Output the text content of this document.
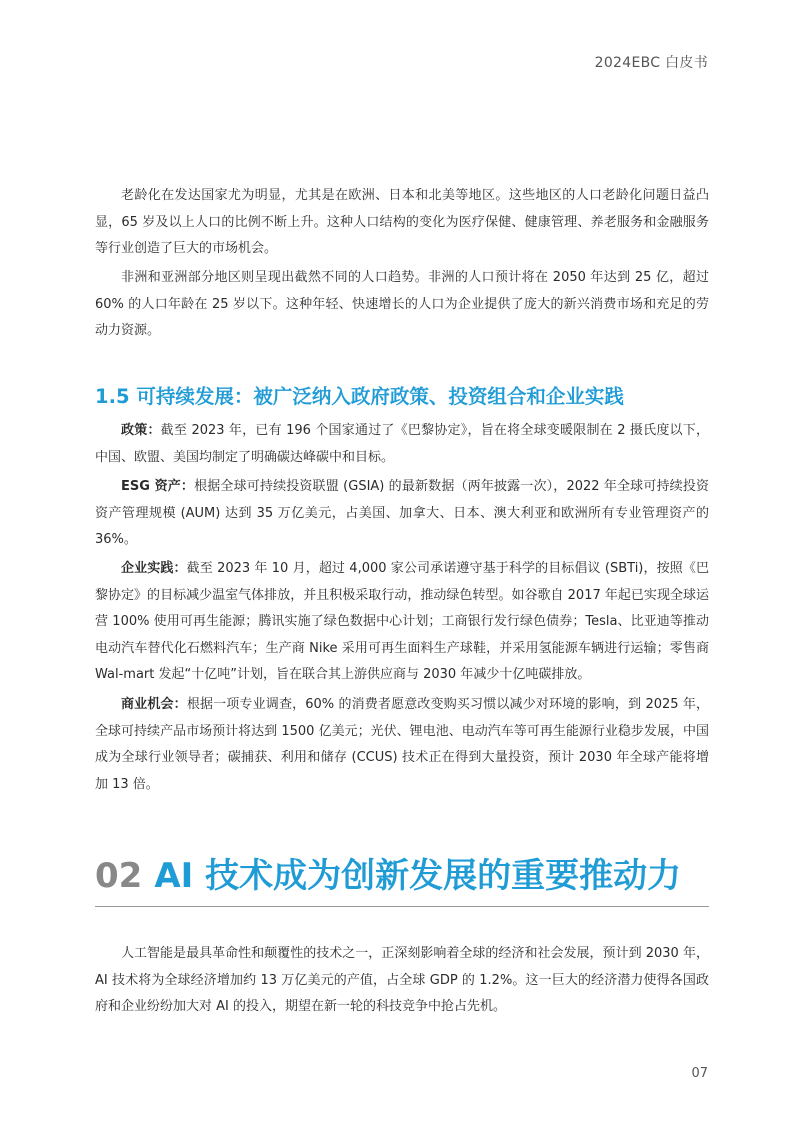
2024EBC 白皮书

老龄化在发达国家尤为明显，尤其是在欧洲、日本和北美等地区。这些地区的人口老龄化问题日益凸显，65 岁及以上人口的比例不断上升。这种人口结构的变化为医疗保健、健康管理、养老服务和金融服务等行业创造了巨大的市场机会。

非洲和亚洲部分地区则呈现出截然不同的人口趋势。非洲的人口预计将在 2050 年达到 25 亿，超过 60% 的人口年龄在 25 岁以下。这种年轻、快速增长的人口为企业提供了庞大的新兴消费市场和充足的劳动力资源。

1.5 可持续发展：被广泛纳入政府政策、投资组合和企业实践

政策：截至 2023 年，已有 196 个国家通过了《巴黎协定》，旨在将全球变暖限制在 2 摄氏度以下，中国、欧盟、美国均制定了明确碳达峰碳中和目标。

ESG 资产：根据全球可持续投资联盟 (GSIA) 的最新数据（两年披露一次），2022 年全球可持续投资资产管理规模 (AUM) 达到 35 万亿美元，占美国、加拿大、日本、澳大利亚和欧洲所有专业管理资产的 36%。

企业实践：截至 2023 年 10 月，超过 4,000 家公司承诺遵守基于科学的目标倡议 (SBTi)，按照《巴黎协定》的目标减少温室气体排放，并且积极采取行动，推动绿色转型。如谷歌自 2017 年起已实现全球运营 100% 使用可再生能源；腾讯实施了绿色数据中心计划；工商银行发行绿色债券；Tesla、比亚迪等推动电动汽车替代化石燃料汽车；生产商 Nike 采用可再生面料生产球鞋，并采用氢能源车辆进行运输；零售商 Wal-mart 发起“十亿吨”计划，旨在联合其上游供应商与 2030 年减少十亿吨碳排放。

商业机会：根据一项专业调查，60% 的消费者愿意改变购买习惯以减少对环境的影响，到 2025 年，全球可持续产品市场预计将达到 1500 亿美元；光伏、锂电池、电动汽车等可再生能源行业稳步发展，中国成为全球行业领导者；碳捕获、利用和储存 (CCUS) 技术正在得到大量投资，预计 2030 年全球产能将增加 13 倍。

02 AI 技术成为创新发展的重要推动力

人工智能是最具革命性和颠覆性的技术之一，正深刻影响着全球的经济和社会发展，预计到 2030 年，AI 技术将为全球经济增加约 13 万亿美元的产值，占全球 GDP 的 1.2%。这一巨大的经济潜力使得各国政府和企业纷纷加大对 AI 的投入，期望在新一轮的科技竞争中抢占先机。

07
